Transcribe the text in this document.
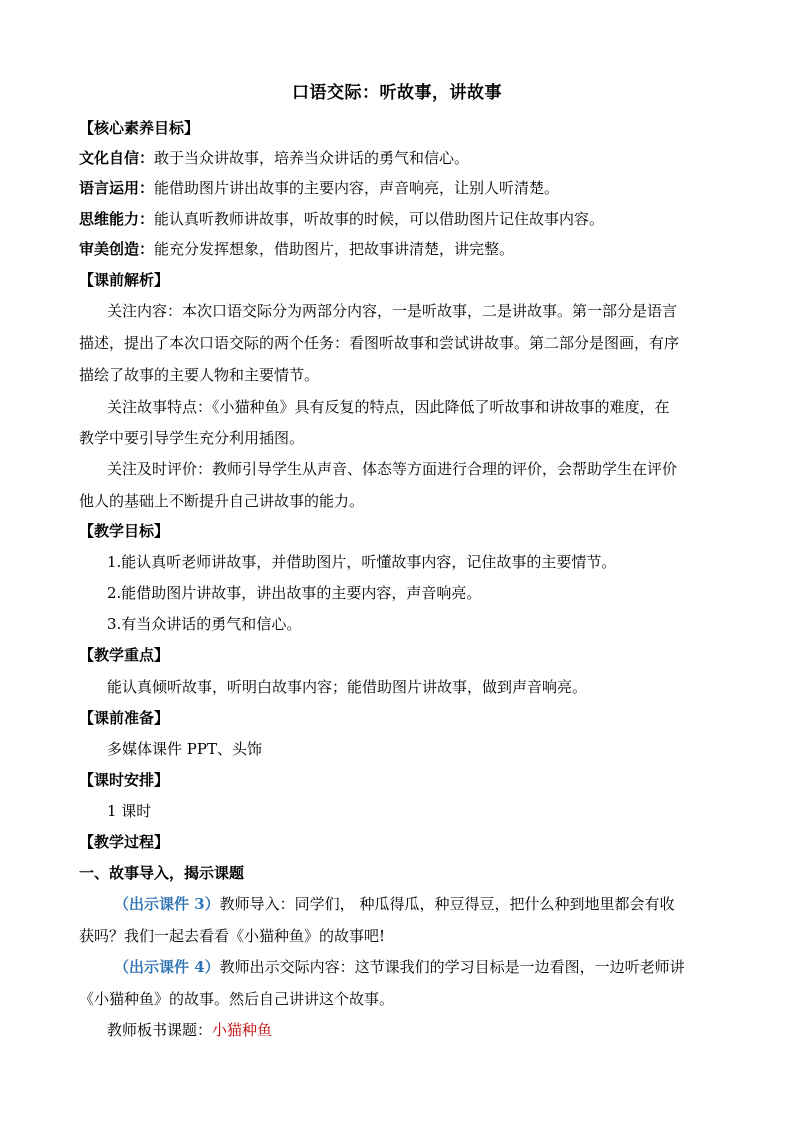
口语交际：听故事，讲故事
【核心素养目标】
文化自信：敢于当众讲故事，培养当众讲话的勇气和信心。
语言运用：能借助图片讲出故事的主要内容，声音响亮，让别人听清楚。
思维能力：能认真听教师讲故事，听故事的时候，可以借助图片记住故事内容。
审美创造：能充分发挥想象，借助图片，把故事讲清楚，讲完整。
【课前解析】
关注内容：本次口语交际分为两部分内容，一是听故事，二是讲故事。第一部分是语言
描述，提出了本次口语交际的两个任务：看图听故事和尝试讲故事。第二部分是图画，有序
描绘了故事的主要人物和主要情节。
关注故事特点：《小猫种鱼》具有反复的特点，因此降低了听故事和讲故事的难度，在
教学中要引导学生充分利用插图。
关注及时评价：教师引导学生从声音、体态等方面进行合理的评价，会帮助学生在评价
他人的基础上不断提升自己讲故事的能力。
【教学目标】
1.能认真听老师讲故事，并借助图片，听懂故事内容，记住故事的主要情节。
2.能借助图片讲故事，讲出故事的主要内容，声音响亮。
3.有当众讲话的勇气和信心。
【教学重点】
能认真倾听故事，听明白故事内容；能借助图片讲故事，做到声音响亮。
【课前准备】
多媒体课件 PPT、头饰
【课时安排】
1 课时
【教学过程】
一、故事导入，揭示课题
（出示课件 3）教师导入：同学们， 种瓜得瓜，种豆得豆，把什么种到地里都会有收
获吗？我们一起去看看《小猫种鱼》的故事吧!
（出示课件 4）教师出示交际内容：这节课我们的学习目标是一边看图，一边听老师讲
《小猫种鱼》的故事。然后自己讲讲这个故事。
教师板书课题：小猫种鱼
